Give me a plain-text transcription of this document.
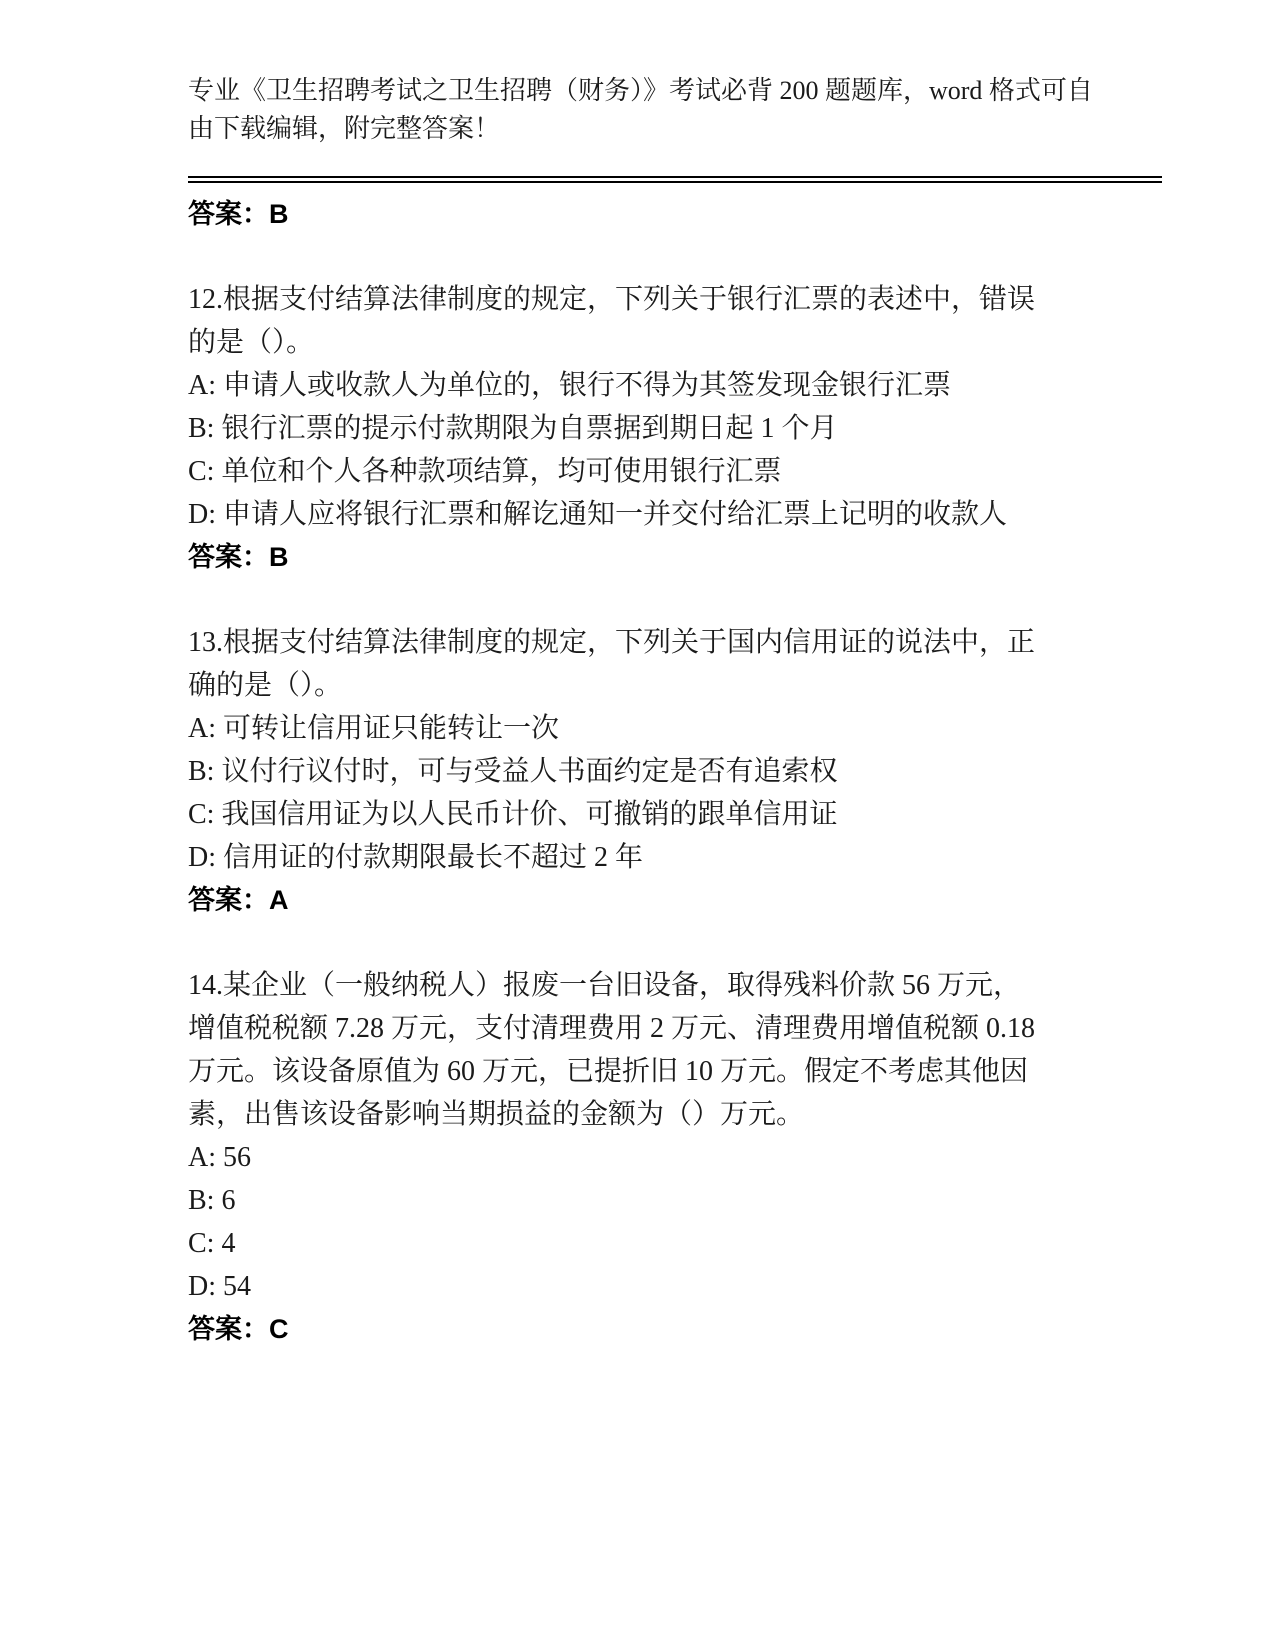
专业《卫生招聘考试之卫生招聘（财务）》考试必背 200 题题库，word 格式可自
由下载编辑，附完整答案！
答案：B
12.根据支付结算法律制度的规定，下列关于银行汇票的表述中，错误
的是（）。
A: 申请人或收款人为单位的，银行不得为其签发现金银行汇票
B: 银行汇票的提示付款期限为自票据到期日起 1 个月
C: 单位和个人各种款项结算，均可使用银行汇票
D: 申请人应将银行汇票和解讫通知一并交付给汇票上记明的收款人
答案：B
13.根据支付结算法律制度的规定，下列关于国内信用证的说法中，正
确的是（）。
A: 可转让信用证只能转让一次
B: 议付行议付时，可与受益人书面约定是否有追索权
C: 我国信用证为以人民币计价、可撤销的跟单信用证
D: 信用证的付款期限最长不超过 2 年
答案：A
14.某企业（一般纳税人）报废一台旧设备，取得残料价款 56 万元，
增值税税额 7.28 万元，支付清理费用 2 万元、清理费用增值税额 0.18
万元。该设备原值为 60 万元，已提折旧 10 万元。假定不考虑其他因
素，出售该设备影响当期损益的金额为（）万元。
A: 56
B: 6
C: 4
D: 54
答案：C
